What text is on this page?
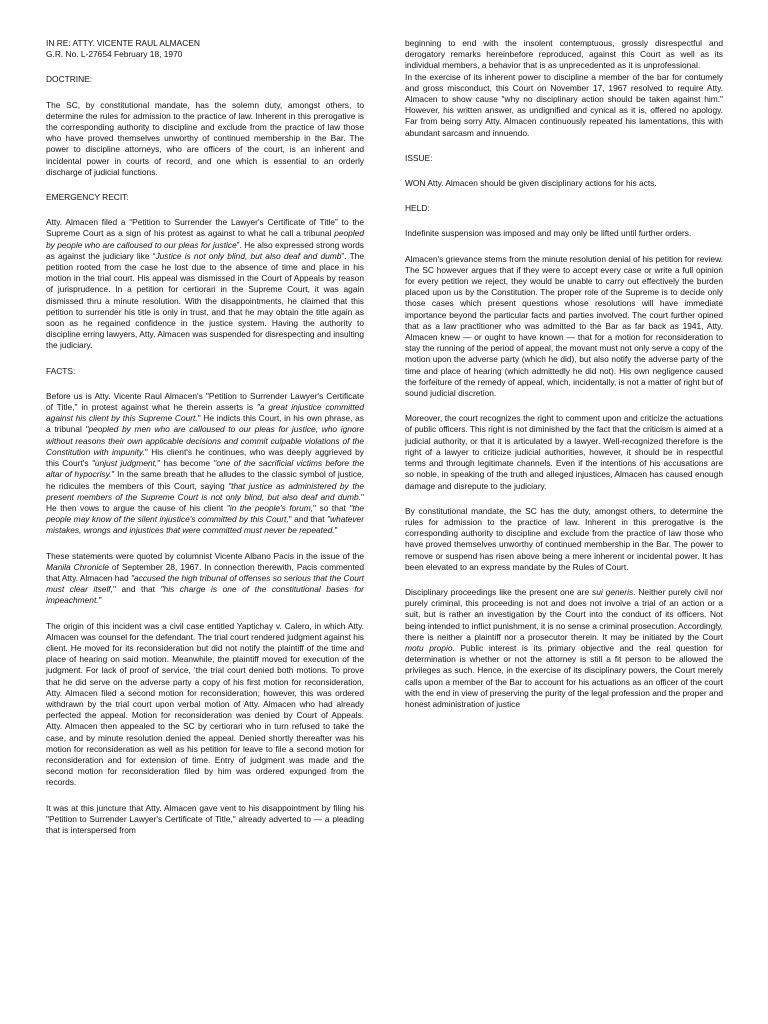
IN RE: ATTY. VICENTE RAUL ALMACEN

G.R. No. L-27654 February 18, 1970

DOCTRINE:

The SC, by constitutional mandate, has the solemn duty, amongst others, to determine the rules for admission to the practice of law. Inherent in this prerogative is the corresponding authority to discipline and exclude from the practice of law those who have proved themselves unworthy of continued membership in the Bar. The power to discipline attorneys, who are officers of the court, is an inherent and incidental power in courts of record, and one which is essential to an orderly discharge of judicial functions.

EMERGENCY RECIT:

Atty. Almacen filed a “Petition to Surrender the Lawyer's Certificate of Title” to the Supreme Court as a sign of his protest as against to what he call a tribunal peopled by people who are calloused to our pleas for justice”. He also expressed strong words as against the judiciary like “Justice is not only blind, but also deaf and dumb”. The petition rooted from the case he lost due to the absence of time and place in his motion in the trial court. His appeal was dismissed in the Court of Appeals by reason of jurisprudence. In a petition for certiorari in the Supreme Court, it was again dismissed thru a minute resolution. With the disappointments, he claimed that this petition to surrender his title is only in trust, and that he may obtain the title again as soon as he regained confidence in the justice system. Having the authority to discipline erring lawyers, Atty. Almacen was suspended for disrespecting and insulting the judiciary.

FACTS:

Before us is Atty. Vicente Raul Almacen's "Petition to Surrender Lawyer's Certificate of Title," in protest against what he therein asserts is "a great injustice committed against his client by this Supreme Court." He indicts this Court, in his own phrase, as a tribunal "peopled by men who are calloused to our pleas for justice, who ignore without reasons their own applicable decisions and commit culpable violations of the Constitution with impunity." His client's he continues, who was deeply aggrieved by this Court's "unjust judgment," has become "one of the sacrificial victims before the altar of hypocrisy." In the same breath that he alludes to the classic symbol of justice, he ridicules the members of this Court, saying "that justice as administered by the present members of the Supreme Court is not only blind, but also deaf and dumb." He then vows to argue the cause of his client "in the people's forum," so that "the people may know of the silent injustice's committed by this Court," and that "whatever mistakes, wrongs and injustices that were committed must never be repeated."

These statements were quoted by columnist Vicente Albano Pacis in the issue of the Manila Chronicle of September 28, 1967. In connection therewith, Pacis commented that Atty. Almacen had "accused the high tribunal of offenses so serious that the Court must clear itself," and that "his charge is one of the constitutional bases for impeachment."

The origin of this incident was a civil case entitled Yaptichay v. Calero, in which Atty. Almacen was counsel for the defendant. The trial court rendered judgment against his client. He moved for its reconsideration but did not notify the plaintiff of the time and place of hearing on said motion. Meanwhile, the plaintiff moved for execution of the judgment. For lack of proof of service, ‘the trial court denied both motions. To prove that he did serve on the adverse party a copy of his first motion for reconsideration, Atty. Almacen filed a second motion for reconsideration; however, this was ordered withdrawn by the trial court upon verbal motion of Atty. Almacen who had already perfected the appeal. Motion for reconsideration was denied by Court of Appeals. Atty. Almacen then appealed to the SC by certiorari who in turn refused to take the case, and by minute resolution denied the appeal. Denied shortly thereafter was his motion for reconsideration as well as his petition for leave to file a second motion for reconsideration and for extension of time. Entry of judgment was made and the second motion for reconsideration filed by him was ordered expunged from the records.

It was at this juncture that Atty. Almacen gave vent to his disappointment by filing his "Petition to Surrender Lawyer's Certificate of Title," already adverted to — a pleading that is interspersed from

beginning to end with the insolent contemptuous, grossly disrespectful and derogatory remarks hereinbefore reproduced, against this Court as well as its individual members, a behavior that is as unprecedented as it is unprofessional.

In the exercise of its inherent power to discipline a member of the bar for contumely and gross misconduct, this Court on November 17, 1967 resolved to require Atty. Almacen to show cause "why no disciplinary action should be taken against him." However, his written answer, as undignified and cynical as it is, offered no apology. Far from being sorry Atty. Almacen continuously repeated his lamentations, this with abundant sarcasm and innuendo.

ISSUE:

WON Atty. Almacen should be given disciplinary actions for his acts.

HELD:

Indefinite suspension was imposed and may only be lifted until further orders.

Almacen's grievance stems from the minute resolution denial of his petition for review. The SC however argues that if they were to accept every case or write a full opinion for every petition we reject, they would be unable to carry out effectively the burden placed upon us by the Constitution. The proper role of the Supreme is to decide only those cases which present questions whose resolutions will have immediate importance beyond the particular facts and parties involved. The court further opined that as a law practitioner who was admitted to the Bar as far back as 1941, Atty. Almacen knew — or ought to have known — that for a motion for reconsideration to stay the running of the period of appeal, the movant must not only serve a copy of the motion upon the adverse party (which he did), but also notify the adverse party of the time and place of hearing (which admittedly he did not). His own negligence caused the forfeiture of the remedy of appeal, which, incidentally, is not a matter of right but of sound judicial discretion.

Moreover, the court recognizes the right to comment upon and criticize the actuations of public officers. This right is not diminished by the fact that the criticism is aimed at a judicial authority, or that it is articulated by a lawyer. Well-recognized therefore is the right of a lawyer to criticize judicial authorities, however, it should be in respectful terms and through legitimate channels. Even if the intentions of his accusations are so noble, in speaking of the truth and alleged injustices, Almacen has caused enough damage and disrepute to the judiciary.

By constitutional mandate, the SC has the duty, amongst others, to determine the rules for admission to the practice of law. Inherent in this prerogative is the corresponding authority to discipline and exclude from the practice of law those who have proved themselves unworthy of continued membership in the Bar. The power to remove or suspend has risen above being a mere inherent or incidental power. It has been elevated to an express mandate by the Rules of Court.

Disciplinary proceedings like the present one are sui generis. Neither purely civil nor purely criminal, this proceeding is not and does not involve a trial of an action or a suit, but is rather an investigation by the Court into the conduct of its officers. Not being intended to inflict punishment, it is no sense a criminal prosecution. Accordingly, there is neither a plaintiff nor a prosecutor therein. It may be initiated by the Court motu propio. Public interest is its primary objective and the real question for determination is whether or not the attorney is still a fit person to be allowed the privileges as such. Hence, in the exercise of its disciplinary powers, the Court merely calls upon a member of the Bar to account for his actuations as an officer of the court with the end in view of preserving the purity of the legal profession and the proper and honest administration of justice
